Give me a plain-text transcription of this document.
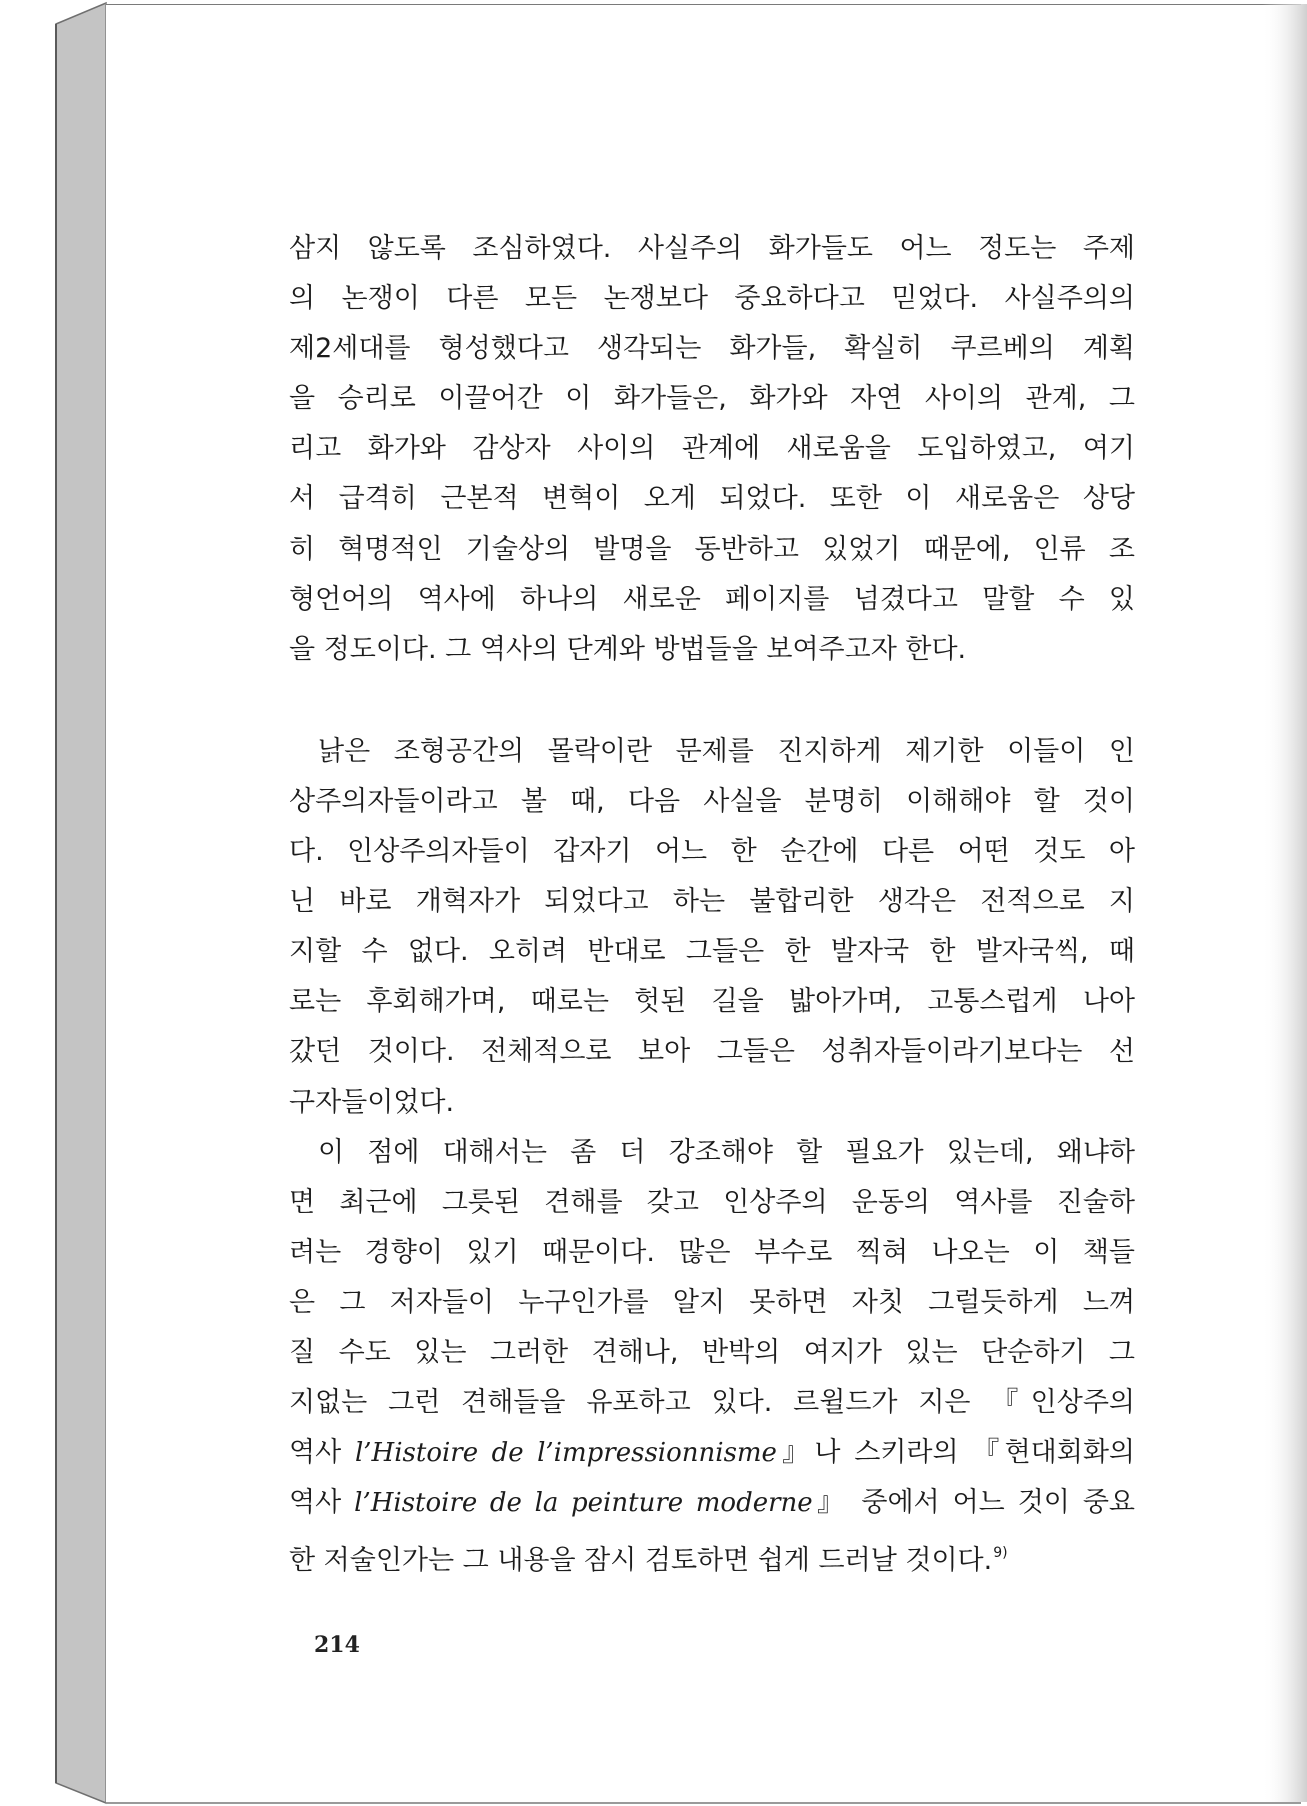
삼지 않도록 조심하였다. 사실주의 화가들도 어느 정도는 주제
의 논쟁이 다른 모든 논쟁보다 중요하다고 믿었다. 사실주의의
제2세대를 형성했다고 생각되는 화가들, 확실히 쿠르베의 계획
을 승리로 이끌어간 이 화가들은, 화가와 자연 사이의 관계, 그
리고 화가와 감상자 사이의 관계에 새로움을 도입하였고, 여기
서 급격히 근본적 변혁이 오게 되었다. 또한 이 새로움은 상당
히 혁명적인 기술상의 발명을 동반하고 있었기 때문에, 인류 조
형언어의 역사에 하나의 새로운 페이지를 넘겼다고 말할 수 있
을 정도이다. 그 역사의 단계와 방법들을 보여주고자 한다.
낡은 조형공간의 몰락이란 문제를 진지하게 제기한 이들이 인
상주의자들이라고 볼 때, 다음 사실을 분명히 이해해야 할 것이
다. 인상주의자들이 갑자기 어느 한 순간에 다른 어떤 것도 아
닌 바로 개혁자가 되었다고 하는 불합리한 생각은 전적으로 지
지할 수 없다. 오히려 반대로 그들은 한 발자국 한 발자국씩, 때
로는 후회해가며, 때로는 헛된 길을 밟아가며, 고통스럽게 나아
갔던 것이다. 전체적으로 보아 그들은 성취자들이라기보다는 선
구자들이었다.
이 점에 대해서는 좀 더 강조해야 할 필요가 있는데, 왜냐하
면 최근에 그릇된 견해를 갖고 인상주의 운동의 역사를 진술하
려는 경향이 있기 때문이다. 많은 부수로 찍혀 나오는 이 책들
은 그 저자들이 누구인가를 알지 못하면 자칫 그럴듯하게 느껴
질 수도 있는 그러한 견해나, 반박의 여지가 있는 단순하기 그
지없는 그런 견해들을 유포하고 있다. 르윌드가 지은 『인상주의
역사 l’Histoire de l’impressionnisme』나 스키라의 『현대회화의
역사 l’Histoire de la peinture moderne』 중에서 어느 것이 중요
한 저술인가는 그 내용을 잠시 검토하면 쉽게 드러날 것이다.$^{9)}$
214
